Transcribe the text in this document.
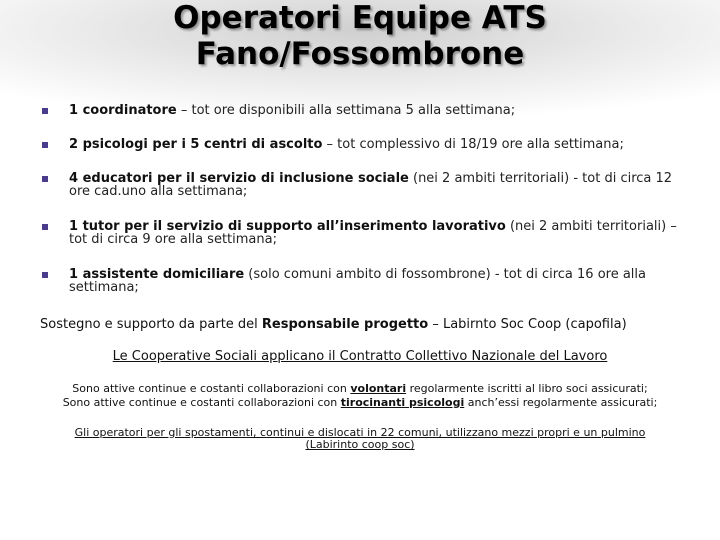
Operatori Equipe ATS
Fano/Fossombrone
1 coordinatore – tot ore disponibili alla settimana 5 alla settimana;
2 psicologi per i 5 centri di ascolto – tot complessivo di 18/19 ore alla settimana;
4 educatori per il servizio di inclusione sociale (nei 2 ambiti territoriali) - tot di circa 12 ore cad.uno alla settimana;
1 tutor per il servizio di supporto all’inserimento lavorativo (nei 2 ambiti territoriali) – tot di circa 9 ore alla settimana;
1 assistente domiciliare (solo comuni ambito di fossombrone) - tot di circa 16 ore alla settimana;
Sostegno e supporto da parte del Responsabile progetto – Labirnto Soc Coop (capofila)
Le Cooperative Sociali applicano il Contratto Collettivo Nazionale del Lavoro
Sono attive continue e costanti collaborazioni con volontari regolarmente iscritti al libro soci assicurati;
Sono attive continue e costanti collaborazioni con tirocinanti psicologi anch’essi regolarmente assicurati;
Gli operatori per gli spostamenti, continui e dislocati in 22 comuni, utilizzano mezzi propri e un pulmino (Labirinto coop soc)
